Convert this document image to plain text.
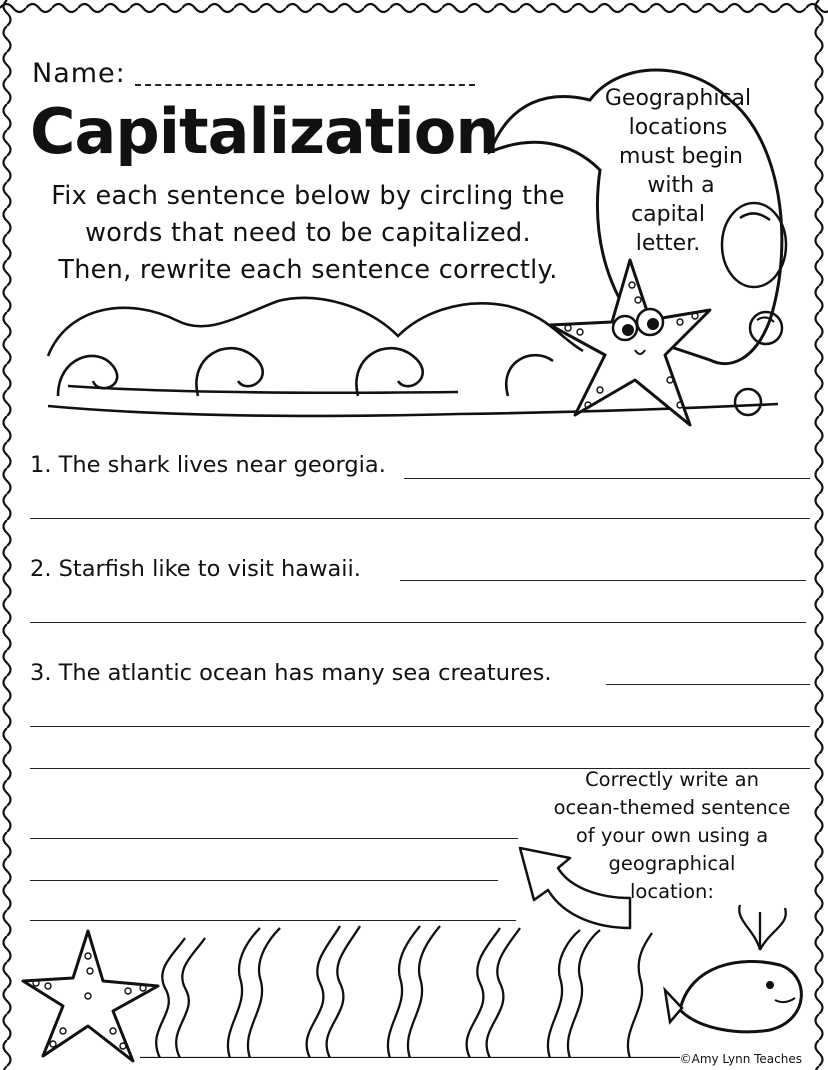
Name:
Capitalization
Fix each sentence below by circling the
words that need to be capitalized.
Then, rewrite each sentence correctly.
Geographical
locations
must begin
with a
capital
letter.
1. The shark lives near georgia.
2. Starfish like to visit hawaii.
3. The atlantic ocean has many sea creatures.
Correctly write an
ocean-themed sentence
of your own using a
geographical
location:
©Amy Lynn Teaches
